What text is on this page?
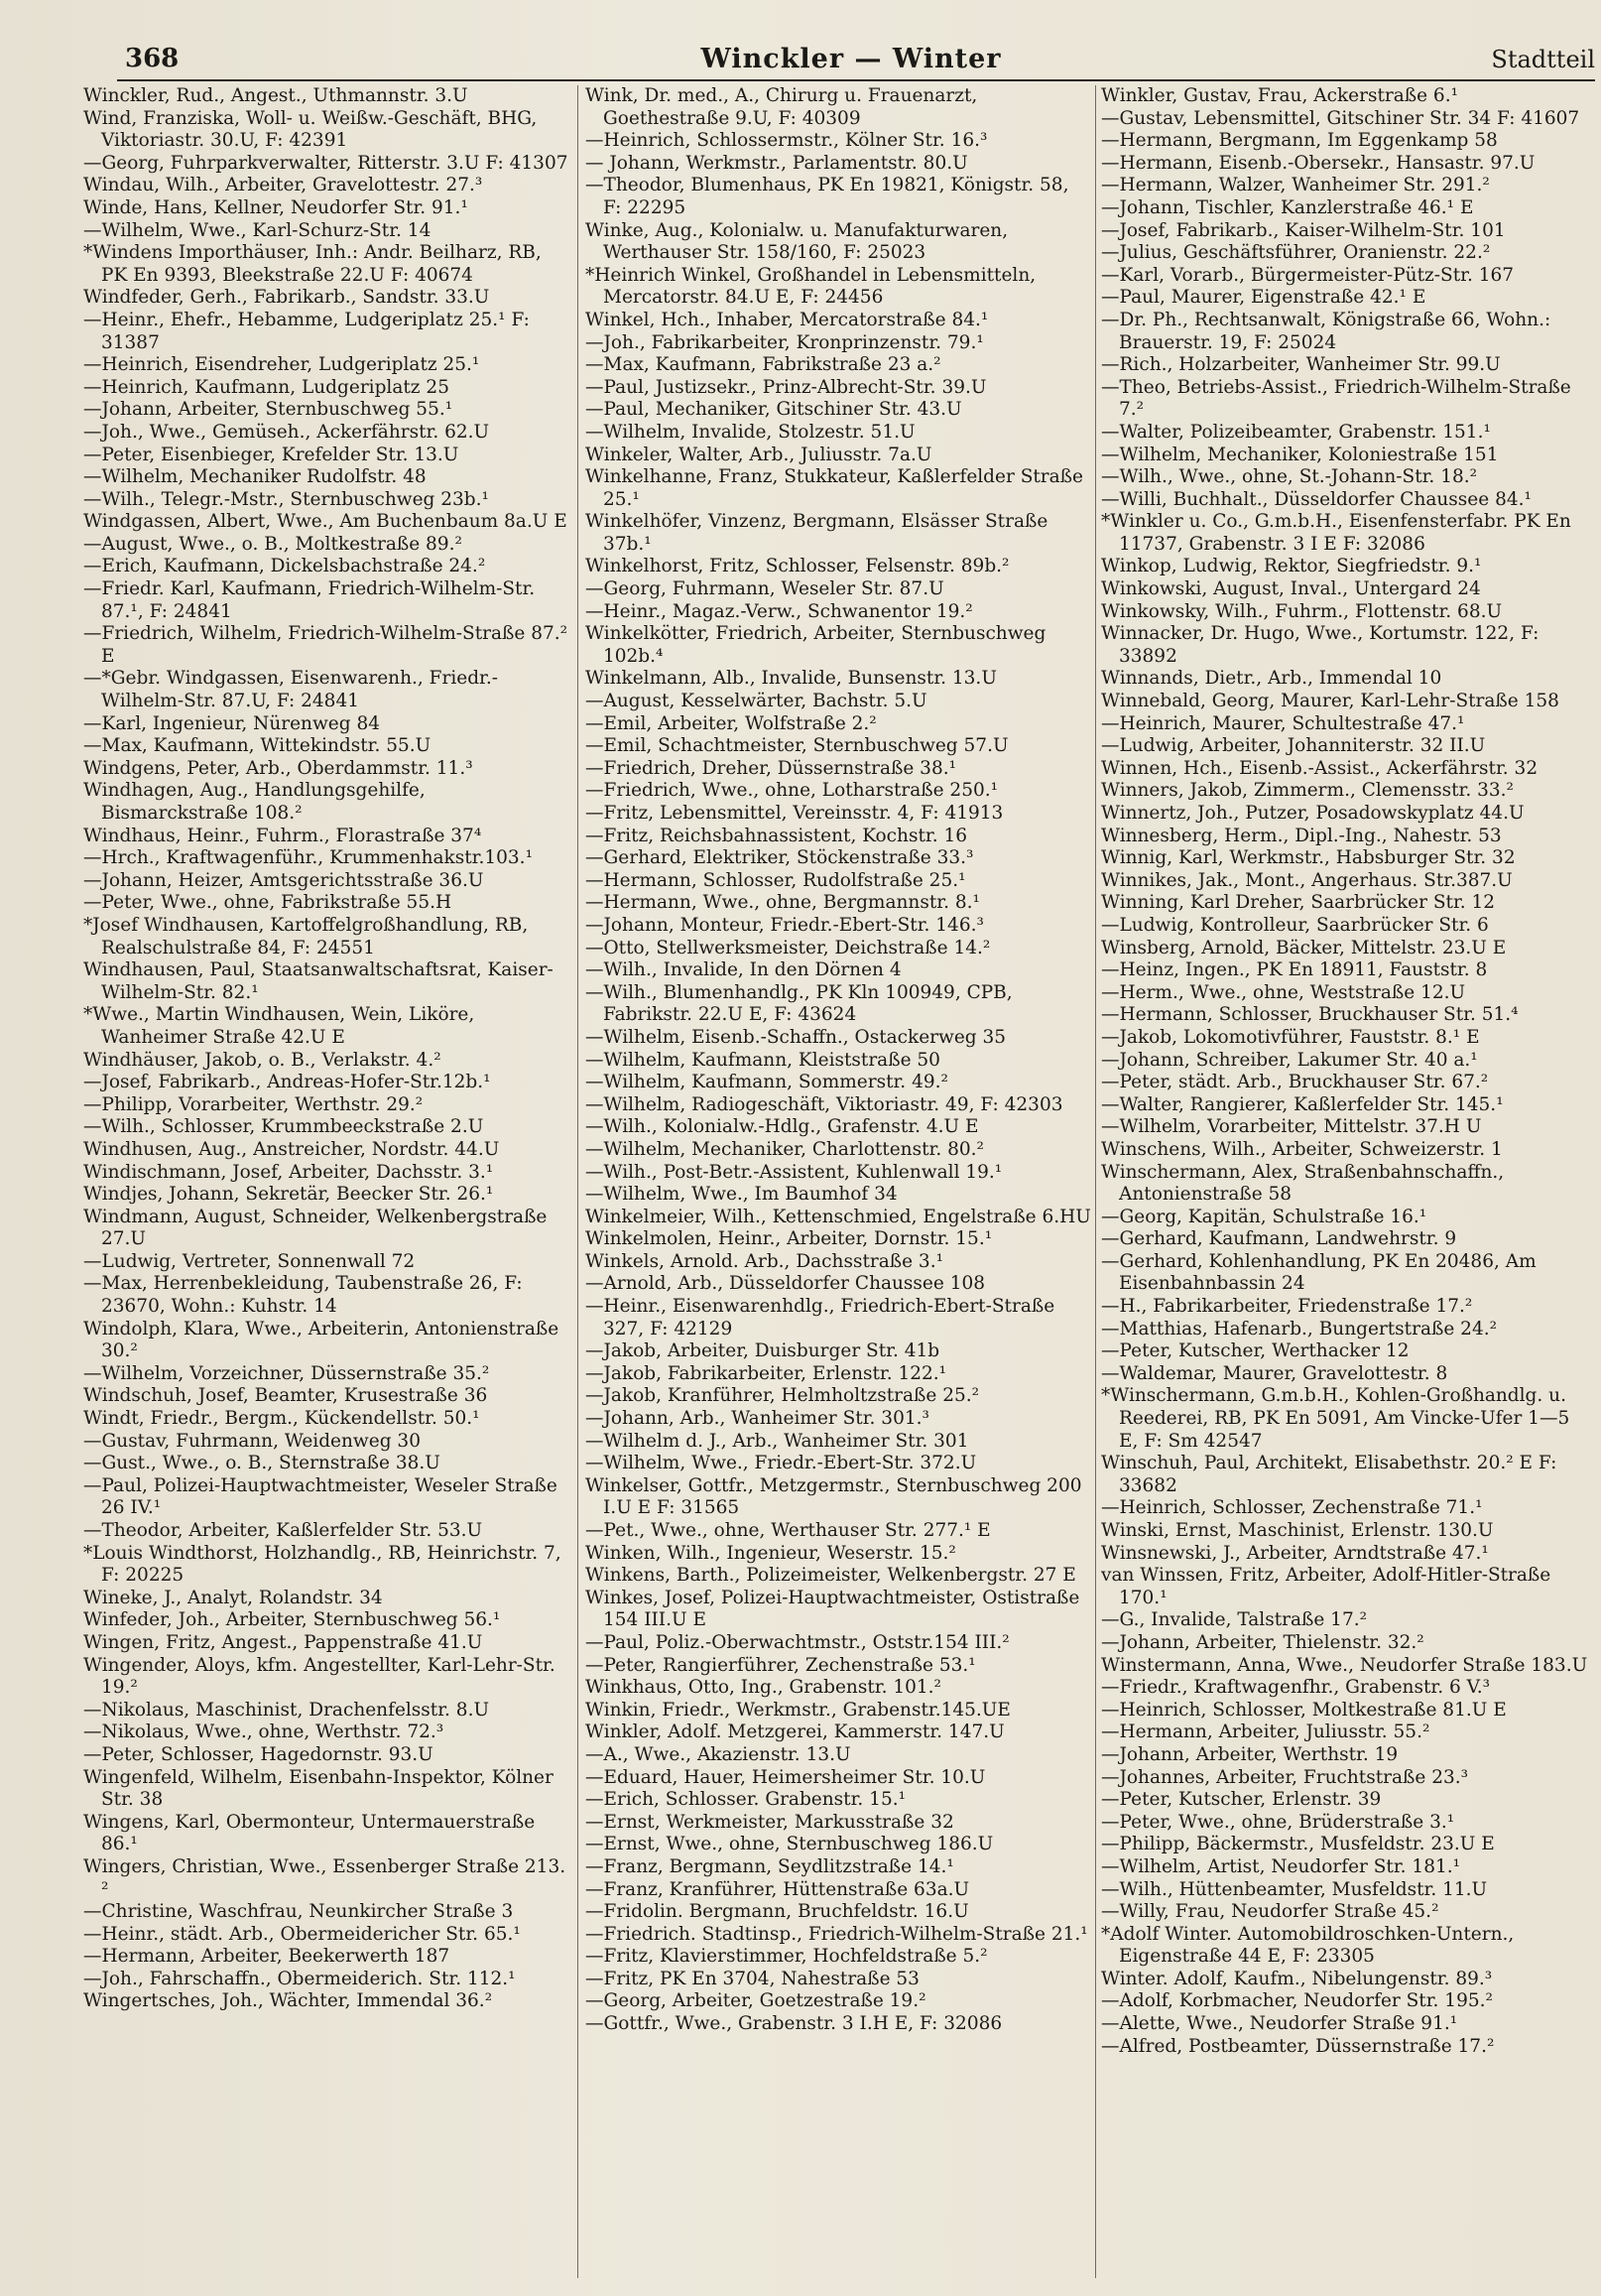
368	Winckler — Winter	Stadtteil

Winckler, Rud., Angest., Uthmannstr. 3.U

Wind, Franziska, Woll- u. Weißw.-Geschäft, BHG, Viktoriastr. 30.U, F: 42391

—Georg, Fuhrparkverwalter, Ritterstr. 3.U F: 41307

Windau, Wilh., Arbeiter, Gravelottestr. 27.³

Winde, Hans, Kellner, Neudorfer Str. 91.¹

—Wilhelm, Wwe., Karl-Schurz-Str. 14

*Windens Importhäuser, Inh.: Andr. Beilharz, RB, PK En 9393, Bleekstraße 22.U F: 40674

Windfeder, Gerh., Fabrikarb., Sandstr. 33.U

—Heinr., Ehefr., Hebamme, Ludgeriplatz 25.¹ F: 31387

—Heinrich, Eisendreher, Ludgeriplatz 25.¹

—Heinrich, Kaufmann, Ludgeriplatz 25

—Johann, Arbeiter, Sternbuschweg 55.¹

—Joh., Wwe., Gemüseh., Ackerfährstr. 62.U

—Peter, Eisenbieger, Krefelder Str. 13.U

—Wilhelm, Mechaniker Rudolfstr. 48

—Wilh., Telegr.-Mstr., Sternbuschweg 23b.¹

Windgassen, Albert, Wwe., Am Buchenbaum 8a.U E

—August, Wwe., o. B., Moltkestraße 89.²

—Erich, Kaufmann, Dickelsbachstraße 24.²

—Friedr. Karl, Kaufmann, Friedrich-Wilhelm-Str. 87.¹, F: 24841

—Friedrich, Wilhelm, Friedrich-Wilhelm-Straße 87.² E

—*Gebr. Windgassen, Eisenwarenh., Friedr.-Wilhelm-Str. 87.U, F: 24841

—Karl, Ingenieur, Nürenweg 84

—Max, Kaufmann, Wittekindstr. 55.U

Windgens, Peter, Arb., Oberdammstr. 11.³

Windhagen, Aug., Handlungsgehilfe, Bismarckstraße 108.²

Windhaus, Heinr., Fuhrm., Florastraße 37⁴

—Hrch., Kraftwagenführ., Krummenhakstr.103.¹

—Johann, Heizer, Amtsgerichtsstraße 36.U

—Peter, Wwe., ohne, Fabrikstraße 55.H

*Josef Windhausen, Kartoffelgroßhandlung, RB, Realschulstraße 84, F: 24551

Windhausen, Paul, Staatsanwaltschaftsrat, Kaiser-Wilhelm-Str. 82.¹

*Wwe., Martin Windhausen, Wein, Liköre, Wanheimer Straße 42.U E

Windhäuser, Jakob, o. B., Verlakstr. 4.²

—Josef, Fabrikarb., Andreas-Hofer-Str.12b.¹

—Philipp, Vorarbeiter, Werthstr. 29.²

—Wilh., Schlosser, Krummbeeckstraße 2.U

Windhusen, Aug., Anstreicher, Nordstr. 44.U

Windischmann, Josef, Arbeiter, Dachsstr. 3.¹

Windjes, Johann, Sekretär, Beecker Str. 26.¹

Windmann, August, Schneider, Welkenbergstraße 27.U

—Ludwig, Vertreter, Sonnenwall 72

—Max, Herrenbekleidung, Taubenstraße 26, F: 23670, Wohn.: Kuhstr. 14

Windolph, Klara, Wwe., Arbeiterin, Antonienstraße 30.²

—Wilhelm, Vorzeichner, Düssernstraße 35.²

Windschuh, Josef, Beamter, Krusestraße 36

Windt, Friedr., Bergm., Kückendellstr. 50.¹

—Gustav, Fuhrmann, Weidenweg 30

—Gust., Wwe., o. B., Sternstraße 38.U

—Paul, Polizei-Hauptwachtmeister, Weseler Straße 26 IV.¹

—Theodor, Arbeiter, Kaßlerfelder Str. 53.U

*Louis Windthorst, Holzhandlg., RB, Heinrichstr. 7, F: 20225

Wineke, J., Analyt, Rolandstr. 34

Winfeder, Joh., Arbeiter, Sternbuschweg 56.¹

Wingen, Fritz, Angest., Pappenstraße 41.U

Wingender, Aloys, kfm. Angestellter, Karl-Lehr-Str. 19.²

—Nikolaus, Maschinist, Drachenfelsstr. 8.U

—Nikolaus, Wwe., ohne, Werthstr. 72.³

—Peter, Schlosser, Hagedornstr. 93.U

Wingenfeld, Wilhelm, Eisenbahn-Inspektor, Kölner Str. 38

Wingens, Karl, Obermonteur, Untermauerstraße 86.¹

Wingers, Christian, Wwe., Essenberger Straße 213. ²

—Christine, Waschfrau, Neunkircher Straße 3

—Heinr., städt. Arb., Obermeidericher Str. 65.¹

—Hermann, Arbeiter, Beekerwerth 187

—Joh., Fahrschaffn., Obermeiderich. Str. 112.¹

Wingertsches, Joh., Wächter, Immendal 36.²

Wink, Dr. med., A., Chirurg u. Frauenarzt, Goethestraße 9.U, F: 40309

—Heinrich, Schlossermstr., Kölner Str. 16.³

— Johann, Werkmstr., Parlamentstr. 80.U

—Theodor, Blumenhaus, PK En 19821, Königstr. 58, F: 22295

Winke, Aug., Kolonialw. u. Manufakturwaren, Werthauser Str. 158/160, F: 25023

*Heinrich Winkel, Großhandel in Lebensmitteln, Mercatorstr. 84.U E, F: 24456

Winkel, Hch., Inhaber, Mercatorstraße 84.¹

—Joh., Fabrikarbeiter, Kronprinzenstr. 79.¹

—Max, Kaufmann, Fabrikstraße 23 a.²

—Paul, Justizsekr., Prinz-Albrecht-Str. 39.U

—Paul, Mechaniker, Gitschiner Str. 43.U

—Wilhelm, Invalide, Stolzestr. 51.U

Winkeler, Walter, Arb., Juliusstr. 7a.U

Winkelhanne, Franz, Stukkateur, Kaßlerfelder Straße 25.¹

Winkelhöfer, Vinzenz, Bergmann, Elsässer Straße 37b.¹

Winkelhorst, Fritz, Schlosser, Felsenstr. 89b.²

—Georg, Fuhrmann, Weseler Str. 87.U

—Heinr., Magaz.-Verw., Schwanentor 19.²

Winkelkötter, Friedrich, Arbeiter, Sternbuschweg 102b.⁴

Winkelmann, Alb., Invalide, Bunsenstr. 13.U

—August, Kesselwärter, Bachstr. 5.U

—Emil, Arbeiter, Wolfstraße 2.²

—Emil, Schachtmeister, Sternbuschweg 57.U

—Friedrich, Dreher, Düssernstraße 38.¹

—Friedrich, Wwe., ohne, Lotharstraße 250.¹

—Fritz, Lebensmittel, Vereinsstr. 4, F: 41913

—Fritz, Reichsbahnassistent, Kochstr. 16

—Gerhard, Elektriker, Stöckenstraße 33.³

—Hermann, Schlosser, Rudolfstraße 25.¹

—Hermann, Wwe., ohne, Bergmannstr. 8.¹

—Johann, Monteur, Friedr.-Ebert-Str. 146.³

—Otto, Stellwerksmeister, Deichstraße 14.²

—Wilh., Invalide, In den Dörnen 4

—Wilh., Blumenhandlg., PK Kln 100949, CPB, Fabrikstr. 22.U E, F: 43624

—Wilhelm, Eisenb.-Schaffn., Ostackerweg 35

—Wilhelm, Kaufmann, Kleiststraße 50

—Wilhelm, Kaufmann, Sommerstr. 49.²

—Wilhelm, Radiogeschäft, Viktoriastr. 49, F: 42303

—Wilh., Kolonialw.-Hdlg., Grafenstr. 4.U E

—Wilhelm, Mechaniker, Charlottenstr. 80.²

—Wilh., Post-Betr.-Assistent, Kuhlenwall 19.¹

—Wilhelm, Wwe., Im Baumhof 34

Winkelmeier, Wilh., Kettenschmied, Engelstraße 6.HU

Winkelmolen, Heinr., Arbeiter, Dornstr. 15.¹

Winkels, Arnold. Arb., Dachsstraße 3.¹

—Arnold, Arb., Düsseldorfer Chaussee 108

—Heinr., Eisenwarenhdlg., Friedrich-Ebert-Straße 327, F: 42129

—Jakob, Arbeiter, Duisburger Str. 41b

—Jakob, Fabrikarbeiter, Erlenstr. 122.¹

—Jakob, Kranführer, Helmholtzstraße 25.²

—Johann, Arb., Wanheimer Str. 301.³

—Wilhelm d. J., Arb., Wanheimer Str. 301

—Wilhelm, Wwe., Friedr.-Ebert-Str. 372.U

Winkelser, Gottfr., Metzgermstr., Sternbuschweg 200 I.U E F: 31565

—Pet., Wwe., ohne, Werthauser Str. 277.¹ E

Winken, Wilh., Ingenieur, Weserstr. 15.²

Winkens, Barth., Polizeimeister, Welkenbergstr. 27 E

Winkes, Josef, Polizei-Hauptwachtmeister, Ostistraße 154 III.U E

—Paul, Poliz.-Oberwachtmstr., Oststr.154 III.²

—Peter, Rangierführer, Zechenstraße 53.¹

Winkhaus, Otto, Ing., Grabenstr. 101.²

Winkin, Friedr., Werkmstr., Grabenstr.145.UE

Winkler, Adolf. Metzgerei, Kammerstr. 147.U

—A., Wwe., Akazienstr. 13.U

—Eduard, Hauer, Heimersheimer Str. 10.U

—Erich, Schlosser. Grabenstr. 15.¹

—Ernst, Werkmeister, Markusstraße 32

—Ernst, Wwe., ohne, Sternbuschweg 186.U

—Franz, Bergmann, Seydlitzstraße 14.¹

—Franz, Kranführer, Hüttenstraße 63a.U

—Fridolin. Bergmann, Bruchfeldstr. 16.U

—Friedrich. Stadtinsp., Friedrich-Wilhelm-Straße 21.¹

—Fritz, Klavierstimmer, Hochfeldstraße 5.²

—Fritz, PK En 3704, Nahestraße 53

—Georg, Arbeiter, Goetzestraße 19.²

—Gottfr., Wwe., Grabenstr. 3 I.H E, F: 32086

Winkler, Gustav, Frau, Ackerstraße 6.¹

—Gustav, Lebensmittel, Gitschiner Str. 34 F: 41607

—Hermann, Bergmann, Im Eggenkamp 58

—Hermann, Eisenb.-Obersekr., Hansastr. 97.U

—Hermann, Walzer, Wanheimer Str. 291.²

—Johann, Tischler, Kanzlerstraße 46.¹ E

—Josef, Fabrikarb., Kaiser-Wilhelm-Str. 101

—Julius, Geschäftsführer, Oranienstr. 22.²

—Karl, Vorarb., Bürgermeister-Pütz-Str. 167

—Paul, Maurer, Eigenstraße 42.¹ E

—Dr. Ph., Rechtsanwalt, Königstraße 66, Wohn.: Brauerstr. 19, F: 25024

—Rich., Holzarbeiter, Wanheimer Str. 99.U

—Theo, Betriebs-Assist., Friedrich-Wilhelm-Straße 7.²

—Walter, Polizeibeamter, Grabenstr. 151.¹

—Wilhelm, Mechaniker, Koloniestraße 151

—Wilh., Wwe., ohne, St.-Johann-Str. 18.²

—Willi, Buchhalt., Düsseldorfer Chaussee 84.¹

*Winkler u. Co., G.m.b.H., Eisenfensterfabr. PK En 11737, Grabenstr. 3 I E F: 32086

Winkop, Ludwig, Rektor, Siegfriedstr. 9.¹

Winkowski, August, Inval., Untergard 24

Winkowsky, Wilh., Fuhrm., Flottenstr. 68.U

Winnacker, Dr. Hugo, Wwe., Kortumstr. 122, F: 33892

Winnands, Dietr., Arb., Immendal 10

Winnebald, Georg, Maurer, Karl-Lehr-Straße 158

—Heinrich, Maurer, Schultestraße 47.¹

—Ludwig, Arbeiter, Johanniterstr. 32 II.U

Winnen, Hch., Eisenb.-Assist., Ackerfährstr. 32

Winners, Jakob, Zimmerm., Clemensstr. 33.²

Winnertz, Joh., Putzer, Posadowskyplatz 44.U

Winnesberg, Herm., Dipl.-Ing., Nahestr. 53

Winnig, Karl, Werkmstr., Habsburger Str. 32

Winnikes, Jak., Mont., Angerhaus. Str.387.U

Winning, Karl Dreher, Saarbrücker Str. 12

—Ludwig, Kontrolleur, Saarbrücker Str. 6

Winsberg, Arnold, Bäcker, Mittelstr. 23.U E

—Heinz, Ingen., PK En 18911, Fauststr. 8

—Herm., Wwe., ohne, Weststraße 12.U

—Hermann, Schlosser, Bruckhauser Str. 51.⁴

—Jakob, Lokomotivführer, Fauststr. 8.¹ E

—Johann, Schreiber, Lakumer Str. 40 a.¹

—Peter, städt. Arb., Bruckhauser Str. 67.²

—Walter, Rangierer, Kaßlerfelder Str. 145.¹

—Wilhelm, Vorarbeiter, Mittelstr. 37.H U

Winschens, Wilh., Arbeiter, Schweizerstr. 1

Winschermann, Alex, Straßenbahnschaffn., Antonienstraße 58

—Georg, Kapitän, Schulstraße 16.¹

—Gerhard, Kaufmann, Landwehrstr. 9

—Gerhard, Kohlenhandlung, PK En 20486, Am Eisenbahnbassin 24

—H., Fabrikarbeiter, Friedenstraße 17.²

—Matthias, Hafenarb., Bungertstraße 24.²

—Peter, Kutscher, Werthacker 12

—Waldemar, Maurer, Gravelottestr. 8

*Winschermann, G.m.b.H., Kohlen-Großhandlg. u. Reederei, RB, PK En 5091, Am Vincke-Ufer 1—5 E, F: Sm 42547

Winschuh, Paul, Architekt, Elisabethstr. 20.² E F: 33682

—Heinrich, Schlosser, Zechenstraße 71.¹

Winski, Ernst, Maschinist, Erlenstr. 130.U

Winsnewski, J., Arbeiter, Arndtstraße 47.¹

van Winssen, Fritz, Arbeiter, Adolf-Hitler-Straße 170.¹

—G., Invalide, Talstraße 17.²

—Johann, Arbeiter, Thielenstr. 32.²

Winstermann, Anna, Wwe., Neudorfer Straße 183.U

—Friedr., Kraftwagenfhr., Grabenstr. 6 V.³

—Heinrich, Schlosser, Moltkestraße 81.U E

—Hermann, Arbeiter, Juliusstr. 55.²

—Johann, Arbeiter, Werthstr. 19

—Johannes, Arbeiter, Fruchtstraße 23.³

—Peter, Kutscher, Erlenstr. 39

—Peter, Wwe., ohne, Brüderstraße 3.¹

—Philipp, Bäckermstr., Musfeldstr. 23.U E

—Wilhelm, Artist, Neudorfer Str. 181.¹

—Wilh., Hüttenbeamter, Musfeldstr. 11.U

—Willy, Frau, Neudorfer Straße 45.²

*Adolf Winter. Automobildroschken-Untern., Eigenstraße 44 E, F: 23305

Winter. Adolf, Kaufm., Nibelungenstr. 89.³

—Adolf, Korbmacher, Neudorfer Str. 195.²

—Alette, Wwe., Neudorfer Straße 91.¹

—Alfred, Postbeamter, Düssernstraße 17.²
